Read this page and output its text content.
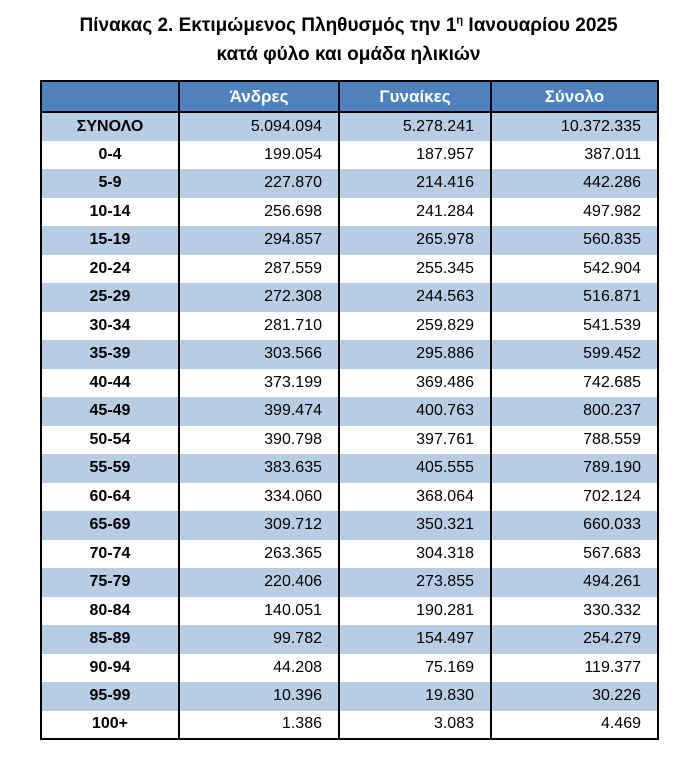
Πίνακας 2. Εκτιμώμενος Πληθυσμός την $1^\eta$ Ιανουαρίου 2025
κατά φύλο και ομάδα ηλικιών
	Άνδρες	Γυναίκες	Σύνολο
ΣΥΝΟΛΟ	5.094.094	5.278.241	10.372.335
0-4	199.054	187.957	387.011
5-9	227.870	214.416	442.286
10-14	256.698	241.284	497.982
15-19	294.857	265.978	560.835
20-24	287.559	255.345	542.904
25-29	272.308	244.563	516.871
30-34	281.710	259.829	541.539
35-39	303.566	295.886	599.452
40-44	373.199	369.486	742.685
45-49	399.474	400.763	800.237
50-54	390.798	397.761	788.559
55-59	383.635	405.555	789.190
60-64	334.060	368.064	702.124
65-69	309.712	350.321	660.033
70-74	263.365	304.318	567.683
75-79	220.406	273.855	494.261
80-84	140.051	190.281	330.332
85-89	99.782	154.497	254.279
90-94	44.208	75.169	119.377
95-99	10.396	19.830	30.226
100+	1.386	3.083	4.469
